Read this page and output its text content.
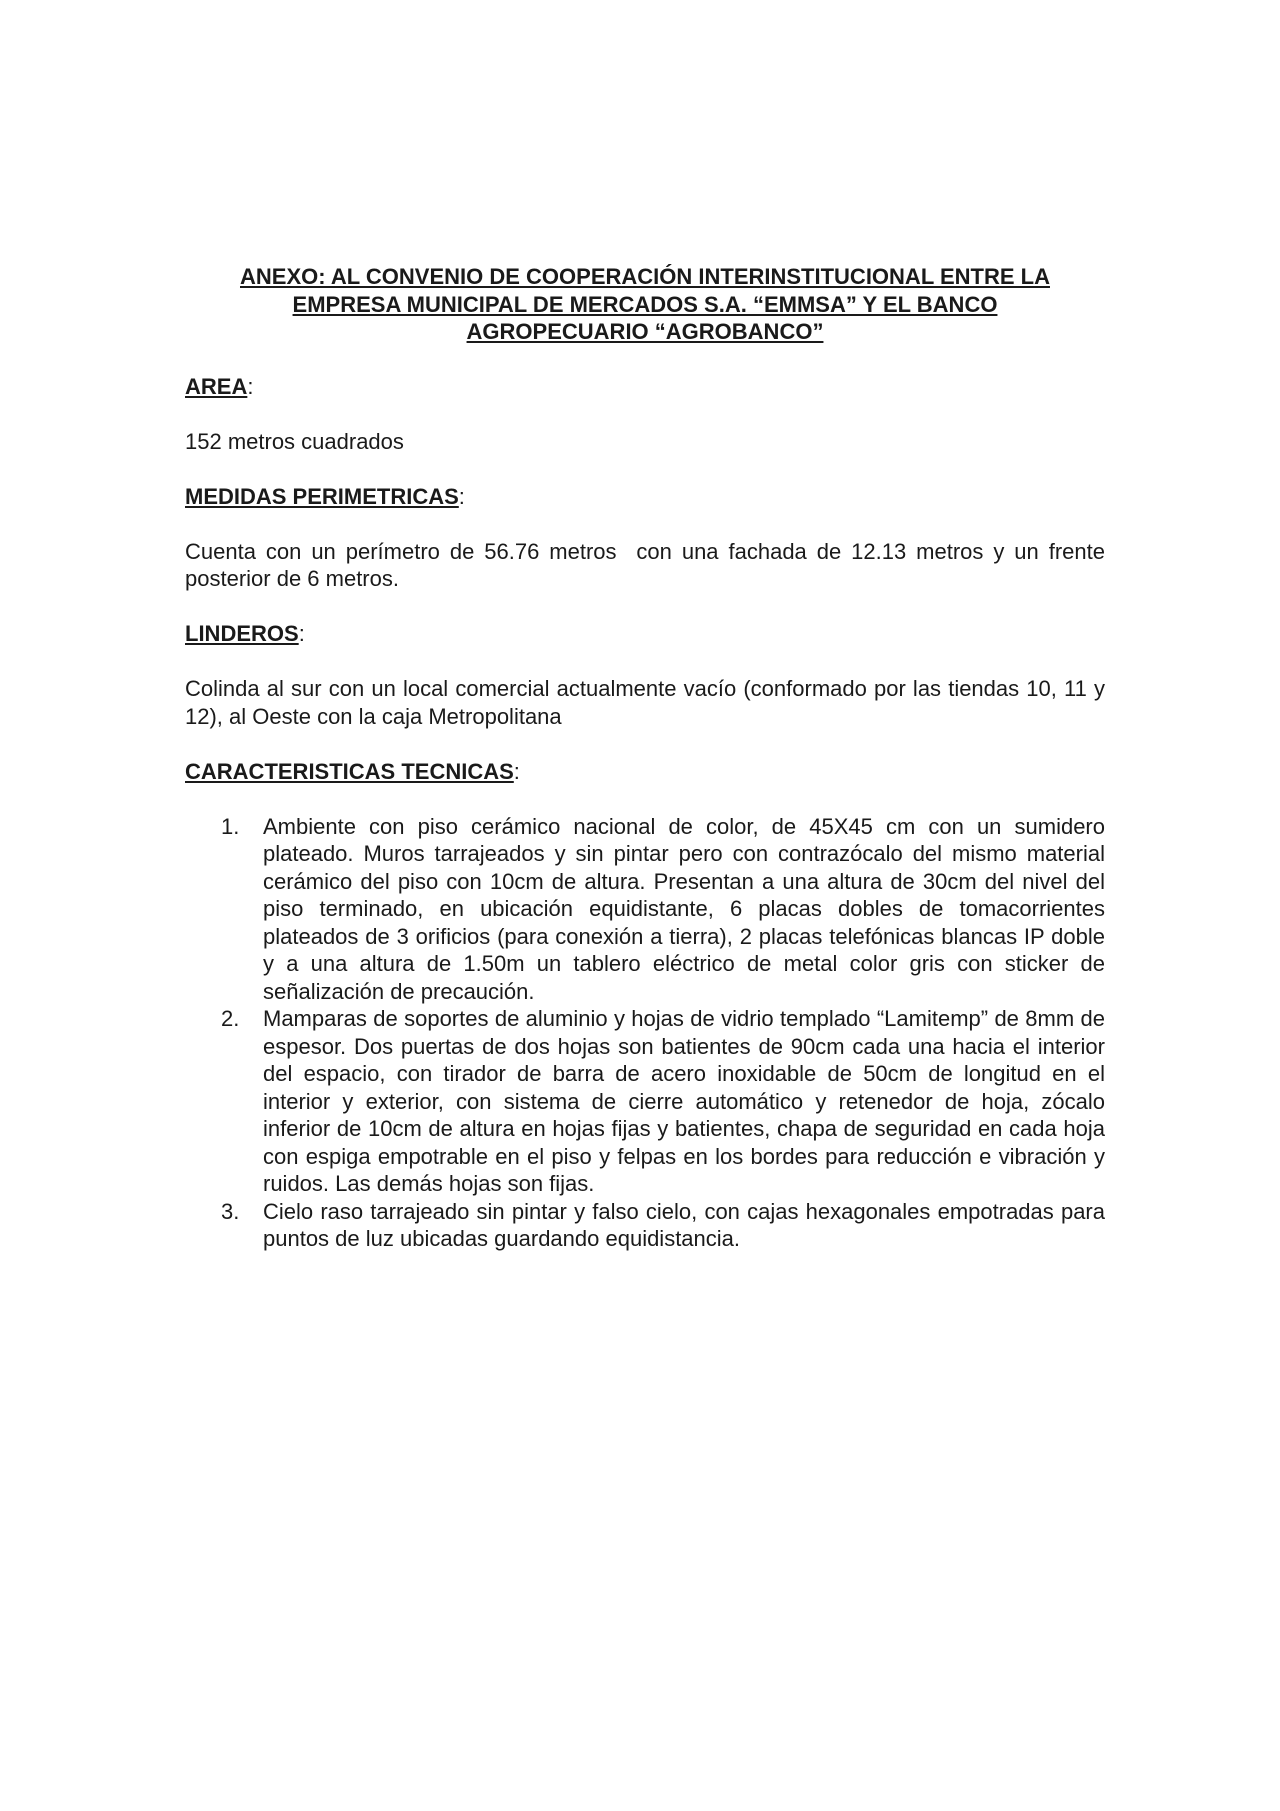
ANEXO: AL CONVENIO DE COOPERACIÓN INTERINSTITUCIONAL ENTRE LA
EMPRESA MUNICIPAL DE MERCADOS S.A. “EMMSA” Y EL BANCO
AGROPECUARIO “AGROBANCO”

AREA:

152 metros cuadrados

MEDIDAS PERIMETRICAS:

Cuenta con un perímetro de 56.76 metros  con una fachada de 12.13 metros y un frente posterior de 6 metros.

LINDEROS:

Colinda al sur con un local comercial actualmente vacío (conformado por las tiendas 10, 11 y 12), al Oeste con la caja Metropolitana

CARACTERISTICAS TECNICAS:

1. Ambiente con piso cerámico nacional de color, de 45X45 cm con un sumidero plateado. Muros tarrajeados y sin pintar pero con contrazócalo del mismo material cerámico del piso con 10cm de altura. Presentan a una altura de 30cm del nivel del piso terminado, en ubicación equidistante, 6 placas dobles de tomacorrientes plateados de 3 orificios (para conexión a tierra), 2 placas telefónicas blancas IP doble y a una altura de 1.50m un tablero eléctrico de metal color gris con sticker de señalización de precaución.
2. Mamparas de soportes de aluminio y hojas de vidrio templado “Lamitemp” de 8mm de espesor. Dos puertas de dos hojas son batientes de 90cm cada una hacia el interior del espacio, con tirador de barra de acero inoxidable de 50cm de longitud en el interior y exterior, con sistema de cierre automático y retenedor de hoja, zócalo inferior de 10cm de altura en hojas fijas y batientes, chapa de seguridad en cada hoja con espiga empotrable en el piso y felpas en los bordes para reducción e vibración y ruidos. Las demás hojas son fijas.
3. Cielo raso tarrajeado sin pintar y falso cielo, con cajas hexagonales empotradas para puntos de luz ubicadas guardando equidistancia.
